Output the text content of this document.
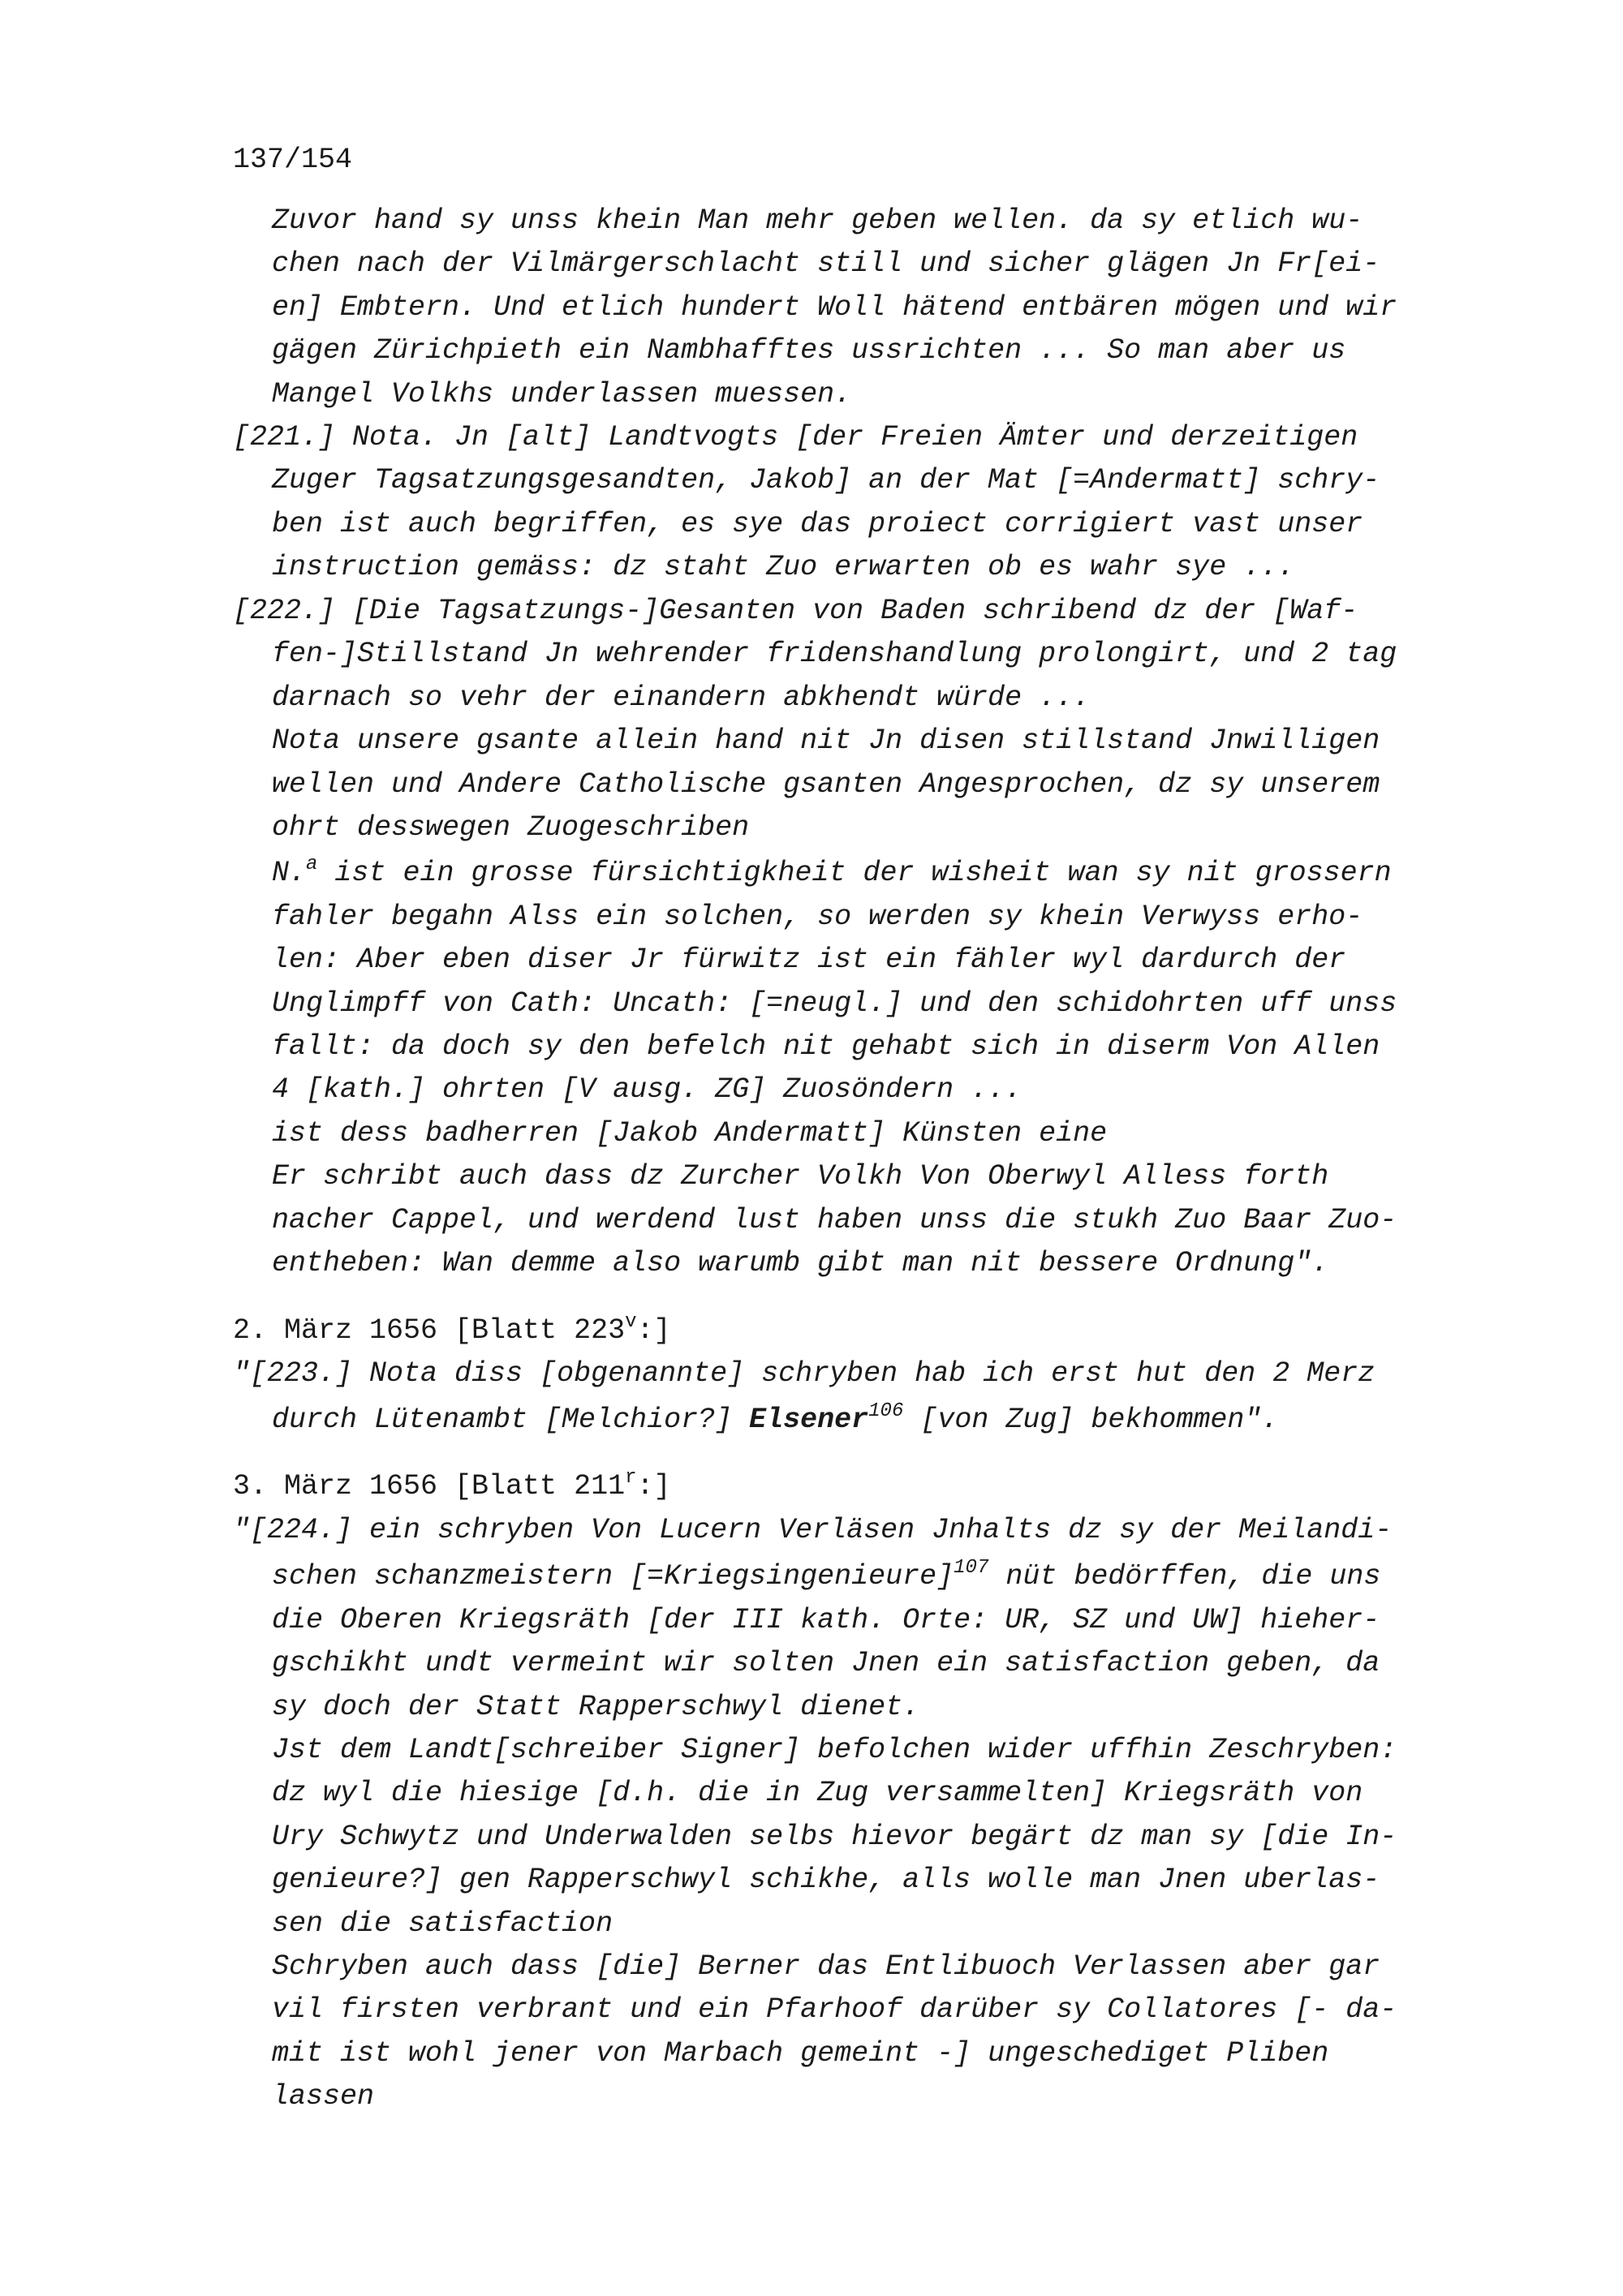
137/154
Zuvor hand sy unss khein Man mehr geben wellen. da sy etlich wu-
chen nach der Vilmärgerschlacht still und sicher glägen Jn Fr[ei-
en] Embtern. Und etlich hundert Woll hätend entbären mögen und wir
gägen Zürichpieth ein Nambhafftes ussrichten ... So man aber us
Mangel Volkhs underlassen muessen.
[221.] Nota. Jn [alt] Landtvogts [der Freien Ämter und derzeitigen
Zuger Tagsatzungsgesandten, Jakob] an der Mat [=Andermatt] schry-
ben ist auch begriffen, es sye das proiect corrigiert vast unser
instruction gemäss: dz staht Zuo erwarten ob es wahr sye ...
[222.] [Die Tagsatzungs-]Gesanten von Baden schribend dz der [Waf-
fen-]Stillstand Jn wehrender fridenshandlung prolongirt, und 2 tag
darnach so vehr der einandern abkhendt würde ...
Nota unsere gsante allein hand nit Jn disen stillstand Jnwilligen
wellen und Andere Catholische gsanten Angesprochen, dz sy unserem
ohrt desswegen Zuogeschriben
N.$^a$ ist ein grosse fürsichtigkheit der wisheit wan sy nit grossern
fahler begahn Alss ein solchen, so werden sy khein Verwyss erho-
len: Aber eben diser Jr fürwitz ist ein fähler wyl dardurch der
Unglimpff von Cath: Uncath: [=neugl.] und den schidohrten uff unss
fallt: da doch sy den befelch nit gehabt sich in diserm Von Allen
4 [kath.] ohrten [V ausg. ZG] Zuosöndern ...
ist dess badherren [Jakob Andermatt] Künsten eine
Er schribt auch dass dz Zurcher Volkh Von Oberwyl Alless forth
nacher Cappel, und werdend lust haben unss die stukh Zuo Baar Zuo-
entheben: Wan demme also warumb gibt man nit bessere Ordnung".
2. März 1656 [Blatt 223$^v$:]
"[223.] Nota diss [obgenannte] schryben hab ich erst hut den 2 Merz
durch Lütenambt [Melchior?] Elsener$^{106}$ [von Zug] bekhommen".
3. März 1656 [Blatt 211$^r$:]
"[224.] ein schryben Von Lucern Verläsen Jnhalts dz sy der Meilandi-
schen schanzmeistern [=Kriegsingenieure]$^{107}$ nüt bedörffen, die uns
die Oberen Kriegsräth [der III kath. Orte: UR, SZ und UW] hieher-
gschikht undt vermeint wir solten Jnen ein satisfaction geben, da
sy doch der Statt Rapperschwyl dienet.
Jst dem Landt[schreiber Signer] befolchen wider uffhin Zeschryben:
dz wyl die hiesige [d.h. die in Zug versammelten] Kriegsräth von
Ury Schwytz und Underwalden selbs hievor begärt dz man sy [die In-
genieure?] gen Rapperschwyl schikhe, alls wolle man Jnen uberlas-
sen die satisfaction
Schryben auch dass [die] Berner das Entlibuoch Verlassen aber gar
vil firsten verbrant und ein Pfarhoof darüber sy Collatores [- da-
mit ist wohl jener von Marbach gemeint -] ungeschediget Pliben
lassen
